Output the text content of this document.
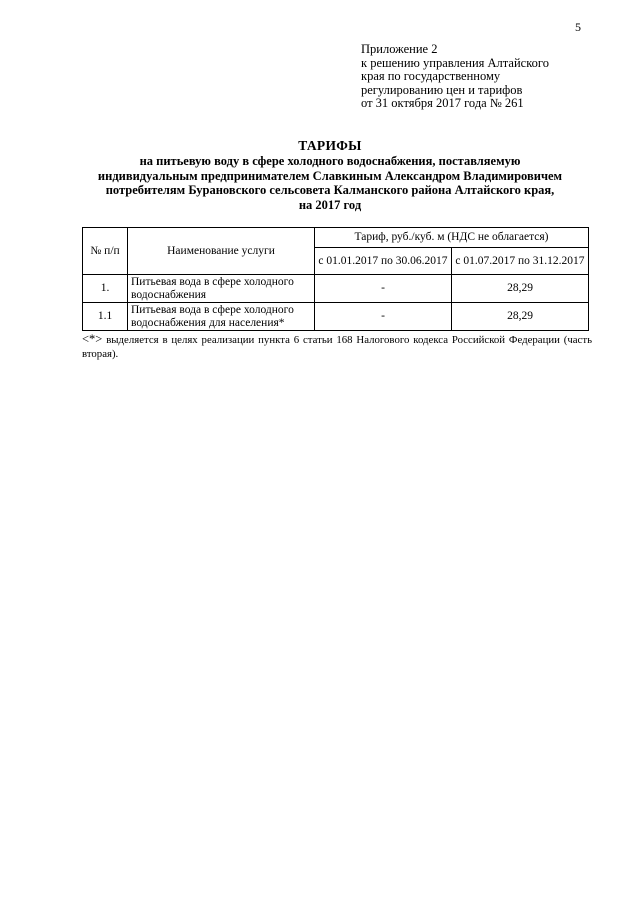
5
Приложение 2
к решению управления Алтайского
края по государственному
регулированию цен и тарифов
от 31 октября 2017 года № 261
ТАРИФЫ
на питьевую воду в сфере холодного водоснабжения, поставляемую
индивидуальным предпринимателем Славкиным Александром Владимировичем
потребителям Бурановского сельсовета Калманского района Алтайского края,
на 2017 год
№ п/п	Наименование услуги	Тариф, руб./куб. м (НДС не облагается)	
		с 01.01.2017 по 30.06.2017	с 01.07.2017 по 31.12.2017
1.	Питьевая вода в сфере холодного водоснабжения	-	28,29
1.1	Питьевая вода в сфере холодного водоснабжения для населения*	-	28,29
<*> выделяется в целях реализации пункта 6 статьи 168 Налогового кодекса Российской Федерации (часть вторая).
